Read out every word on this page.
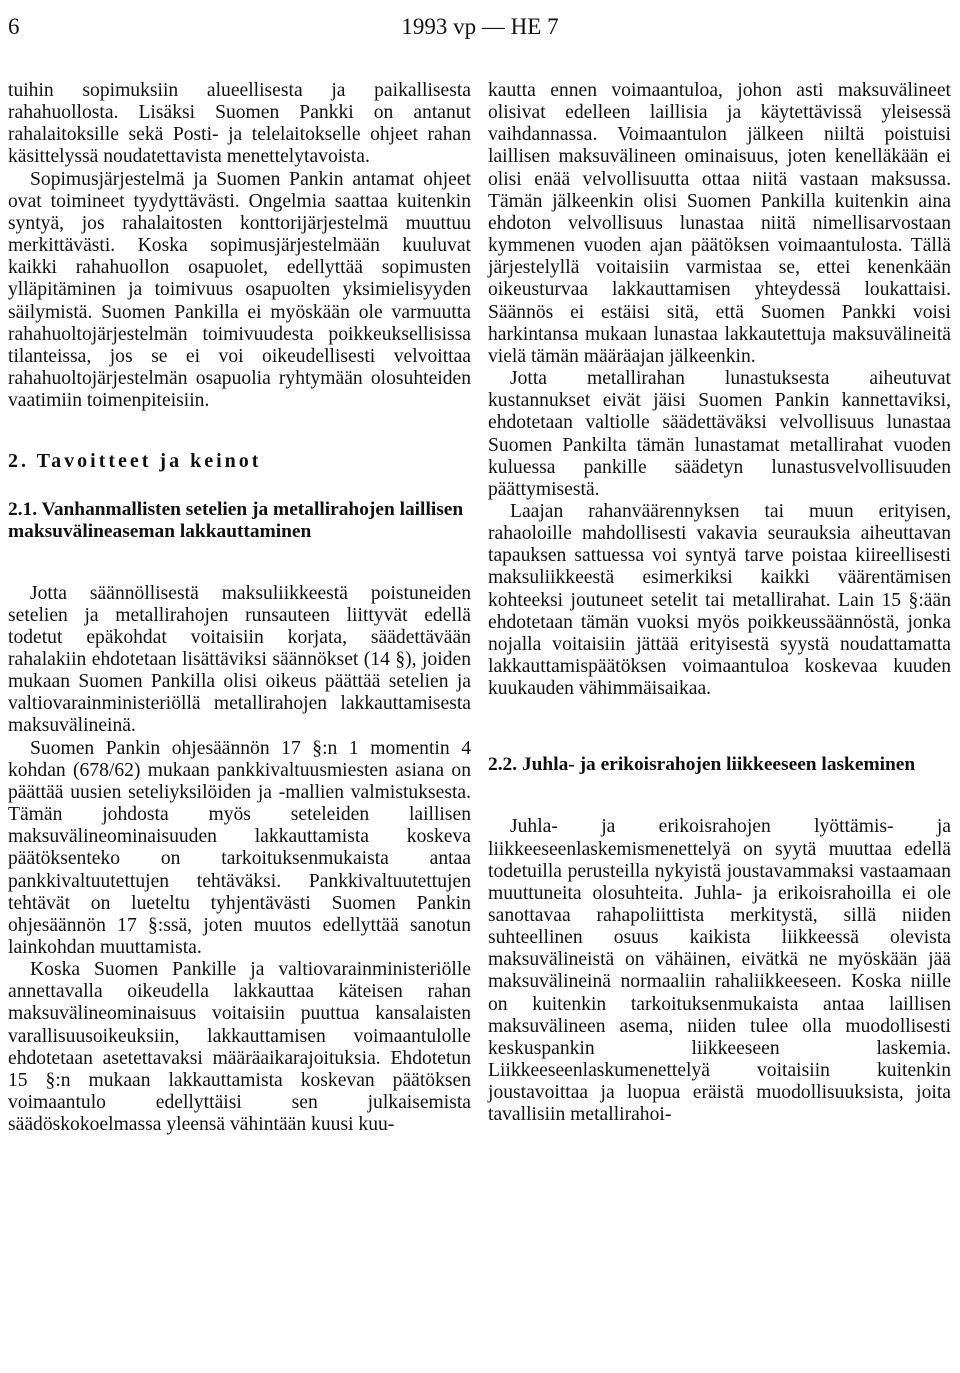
6	1993 vp — HE 7

tuihin sopimuksiin alueellisesta ja paikallisesta rahahuollosta. Lisäksi Suomen Pankki on antanut rahalaitoksille sekä Posti- ja telelaitokselle ohjeet rahan käsittelyssä noudatettavista menettelytavoista.

Sopimusjärjestelmä ja Suomen Pankin antamat ohjeet ovat toimineet tyydyttävästi. Ongelmia saattaa kuitenkin syntyä, jos rahalaitosten konttorijärjestelmä muuttuu merkittävästi. Koska sopimusjärjestelmään kuuluvat kaikki rahahuollon osapuolet, edellyttää sopimusten ylläpitäminen ja toimivuus osapuolten yksimielisyyden säilymistä. Suomen Pankilla ei myöskään ole varmuutta rahahuoltojärjestelmän toimivuudesta poikkeuksellisissa tilanteissa, jos se ei voi oikeudellisesti velvoittaa rahahuoltojärjestelmän osapuolia ryhtymään olosuhteiden vaatimiin toimenpiteisiin.

2. Tavoitteet ja keinot

2.1. Vanhanmallisten setelien ja metallirahojen laillisen maksuvälineaseman lakkauttaminen

Jotta säännöllisestä maksuliikkeestä poistuneiden setelien ja metallirahojen runsauteen liittyvät edellä todetut epäkohdat voitaisiin korjata, säädettävään rahalakiin ehdotetaan lisättäviksi säännökset (14 §), joiden mukaan Suomen Pankilla olisi oikeus päättää setelien ja valtiovarainministeriöllä metallirahojen lakkauttamisesta maksuvälineinä.

Suomen Pankin ohjesäännön 17 §:n 1 momentin 4 kohdan (678/62) mukaan pankkivaltuusmiesten asiana on päättää uusien seteliyksilöiden ja -mallien valmistuksesta. Tämän johdosta myös seteleiden laillisen maksuvälineominaisuuden lakkauttamista koskeva päätöksenteko on tarkoituksenmukaista antaa pankkivaltuutettujen tehtäväksi. Pankkivaltuutettujen tehtävät on lueteltu tyhjentävästi Suomen Pankin ohjesäännön 17 §:ssä, joten muutos edellyttää sanotun lainkohdan muuttamista.

Koska Suomen Pankille ja valtiovarainministeriölle annettavalla oikeudella lakkauttaa käteisen rahan maksuvälineominaisuus voitaisiin puuttua kansalaisten varallisuusoikeuksiin, lakkauttamisen voimaantulolle ehdotetaan asetettavaksi määräaikarajoituksia. Ehdotetun 15 §:n mukaan lakkauttamista koskevan päätöksen voimaantulo edellyttäisi sen julkaisemista säädöskokoelmassa yleensä vähintään kuusi kuu-

kautta ennen voimaantuloa, johon asti maksuvälineet olisivat edelleen laillisia ja käytettävissä yleisessä vaihdannassa. Voimaantulon jälkeen niiltä poistuisi laillisen maksuvälineen ominaisuus, joten kenelläkään ei olisi enää velvollisuutta ottaa niitä vastaan maksussa. Tämän jälkeenkin olisi Suomen Pankilla kuitenkin aina ehdoton velvollisuus lunastaa niitä nimellisarvostaan kymmenen vuoden ajan päätöksen voimaantulosta. Tällä järjestelyllä voitaisiin varmistaa se, ettei kenenkään oikeusturvaa lakkauttamisen yhteydessä loukattaisi. Säännös ei estäisi sitä, että Suomen Pankki voisi harkintansa mukaan lunastaa lakkautettuja maksuvälineitä vielä tämän määräajan jälkeenkin.

Jotta metallirahan lunastuksesta aiheutuvat kustannukset eivät jäisi Suomen Pankin kannettaviksi, ehdotetaan valtiolle säädettäväksi velvollisuus lunastaa Suomen Pankilta tämän lunastamat metallirahat vuoden kuluessa pankille säädetyn lunastusvelvollisuuden päättymisestä.

Laajan rahanväärennyksen tai muun erityisen, rahaoloille mahdollisesti vakavia seurauksia aiheuttavan tapauksen sattuessa voi syntyä tarve poistaa kiireellisesti maksuliikkeestä esimerkiksi kaikki väärentämisen kohteeksi joutuneet setelit tai metallirahat. Lain 15 §:ään ehdotetaan tämän vuoksi myös poikkeussäännöstä, jonka nojalla voitaisiin jättää erityisestä syystä noudattamatta lakkauttamispäätöksen voimaantuloa koskevaa kuuden kuukauden vähimmäisaikaa.

2.2. Juhla- ja erikoisrahojen liikkeeseen laskeminen

Juhla- ja erikoisrahojen lyöttämis- ja liikkeeseenlaskemismenettelyä on syytä muuttaa edellä todetuilla perusteilla nykyistä joustavammaksi vastaamaan muuttuneita olosuhteita. Juhla- ja erikoisrahoilla ei ole sanottavaa rahapoliittista merkitystä, sillä niiden suhteellinen osuus kaikista liikkeessä olevista maksuvälineistä on vähäinen, eivätkä ne myöskään jää maksuvälineinä normaaliin rahaliikkeeseen. Koska niille on kuitenkin tarkoituksenmukaista antaa laillisen maksuvälineen asema, niiden tulee olla muodollisesti keskuspankin liikkeeseen laskemia. Liikkeeseenlaskumenettelyä voitaisiin kuitenkin joustavoittaa ja luopua eräistä muodollisuuksista, joita tavallisiin metallirahoi-
